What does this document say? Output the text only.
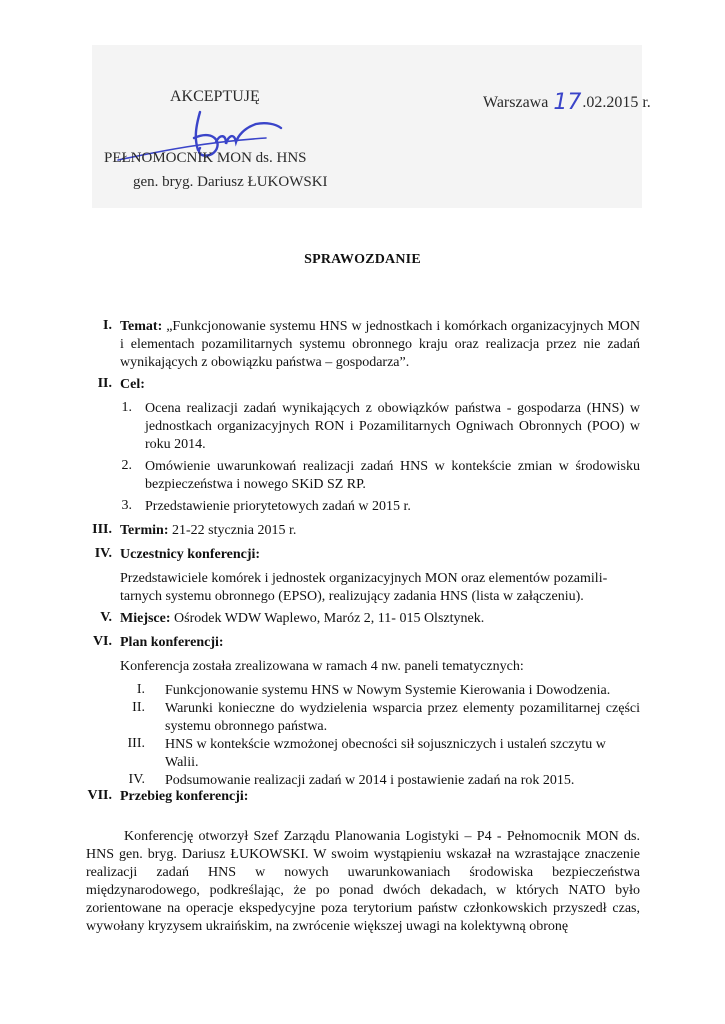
AKCEPTUJĘ
PEŁNOMOCNIK MON ds. HNS
gen. bryg. Dariusz ŁUKOWSKI
Warszawa 17.02.2015 r.
SPRAWOZDANIE
I. Temat: „Funkcjonowanie systemu HNS w jednostkach i komórkach organizacyjnych MON i elementach pozamilitarnych systemu obronnego kraju oraz realizacja przez nie zadań wynikających z obowiązku państwa – gospodarza”.
II. Cel:
1. Ocena realizacji zadań wynikających z obowiązków państwa - gospodarza (HNS) w jednostkach organizacyjnych RON i Pozamilitarnych Ogniwach Obronnych (POO) w roku 2014.
2. Omówienie uwarunkowań realizacji zadań HNS w kontekście zmian w środowisku bezpieczeństwa i nowego SKiD SZ RP.
3. Przedstawienie priorytetowych zadań w 2015 r.
III. Termin: 21-22 stycznia 2015 r.
IV. Uczestnicy konferencji:
Przedstawiciele komórek i jednostek organizacyjnych MON oraz elementów pozamili-tarnych systemu obronnego (EPSO), realizujący zadania HNS (lista w załączeniu).
V. Miejsce: Ośrodek WDW Waplewo, Maróz 2, 11- 015 Olsztynek.
VI. Plan konferencji:
Konferencja została zrealizowana w ramach 4 nw. paneli tematycznych:
I. Funkcjonowanie systemu HNS w Nowym Systemie Kierowania i Dowodzenia.
II. Warunki konieczne do wydzielenia wsparcia przez elementy pozamilitarnej części systemu obronnego państwa.
III. HNS w kontekście wzmożonej obecności sił sojuszniczych i ustaleń szczytu w Walii.
IV. Podsumowanie realizacji zadań w 2014 i postawienie zadań na rok 2015.
VII. Przebieg konferencji:
Konferencję otworzył Szef Zarządu Planowania Logistyki – P4 - Pełnomocnik MON ds. HNS gen. bryg. Dariusz ŁUKOWSKI. W swoim wystąpieniu wskazał na wzrastające znaczenie realizacji zadań HNS w nowych uwarunkowaniach środowiska bezpieczeństwa międzynarodowego, podkreślając, że po ponad dwóch dekadach, w których NATO było zorientowane na operacje ekspedycyjne poza terytorium państw członkowskich przyszedł czas, wywołany kryzysem ukraińskim, na zwrócenie większej uwagi na kolektywną obronę
